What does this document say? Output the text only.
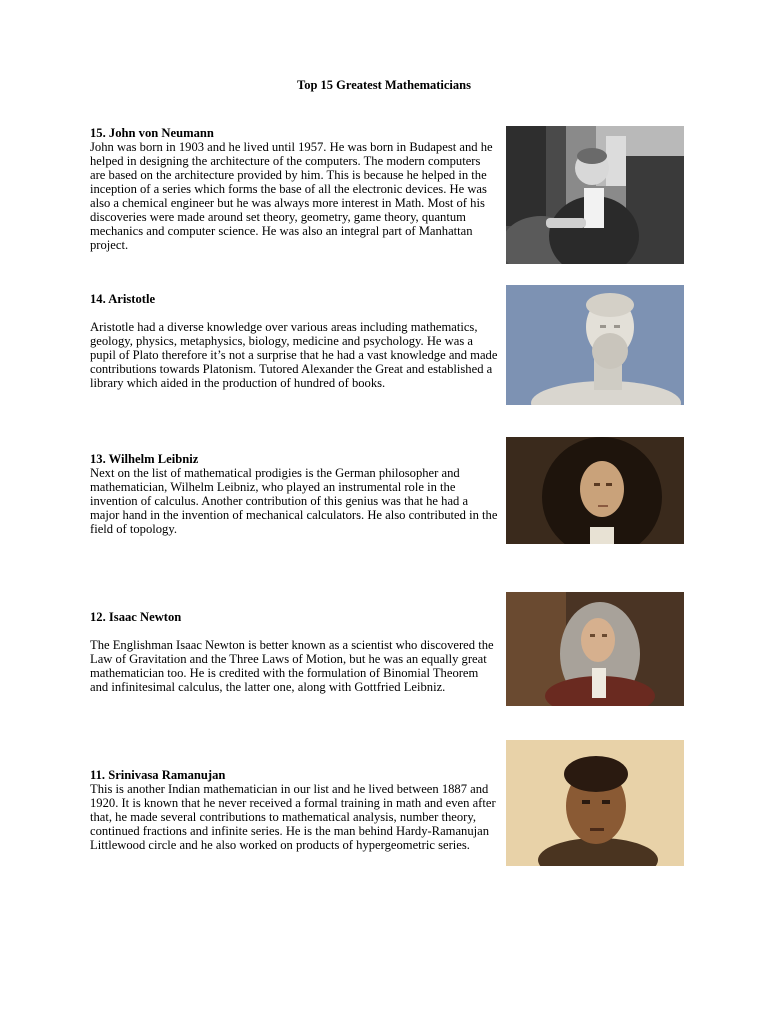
Top 15 Greatest Mathematicians
15. John von Neumann

John was born in 1903 and he lived until 1957. He was born in Budapest and he helped in designing the architecture of the computers. The modern computers are based on the architecture provided by him. This is because he helped in the inception of a series which forms the base of all the electronic devices. He was also a chemical engineer but he was always more interest in Math. Most of his discoveries were made around set theory, geometry, game theory, quantum mechanics and computer science. He was also an integral part of Manhattan project.

14. Aristotle

Aristotle had a diverse knowledge over various areas including mathematics, geology, physics, metaphysics, biology, medicine and psychology. He was a pupil of Plato therefore it’s not a surprise that he had a vast knowledge and made contributions towards Platonism. Tutored Alexander the Great and established a library which aided in the production of hundred of books.

13. Wilhelm Leibniz

Next on the list of mathematical prodigies is the German philosopher and mathematician, Wilhelm Leibniz, who played an instrumental role in the invention of calculus. Another contribution of this genius was that he had a major hand in the invention of mechanical calculators. He also contributed in the field of topology.

12. Isaac Newton

The Englishman Isaac Newton is better known as a scientist who discovered the Law of Gravitation and the Three Laws of Motion, but he was an equally great mathematician too. He is credited with the formulation of Binomial Theorem and infinitesimal calculus, the latter one, along with Gottfried Leibniz.

11. Srinivasa Ramanujan

This is another Indian mathematician in our list and he lived between 1887 and 1920. It is known that he never received a formal training in math and even after that, he made several contributions to mathematical analysis, number theory, continued fractions and infinite series. He is the man behind Hardy-Ramanujan Littlewood circle and he also worked on products of hypergeometric series.
